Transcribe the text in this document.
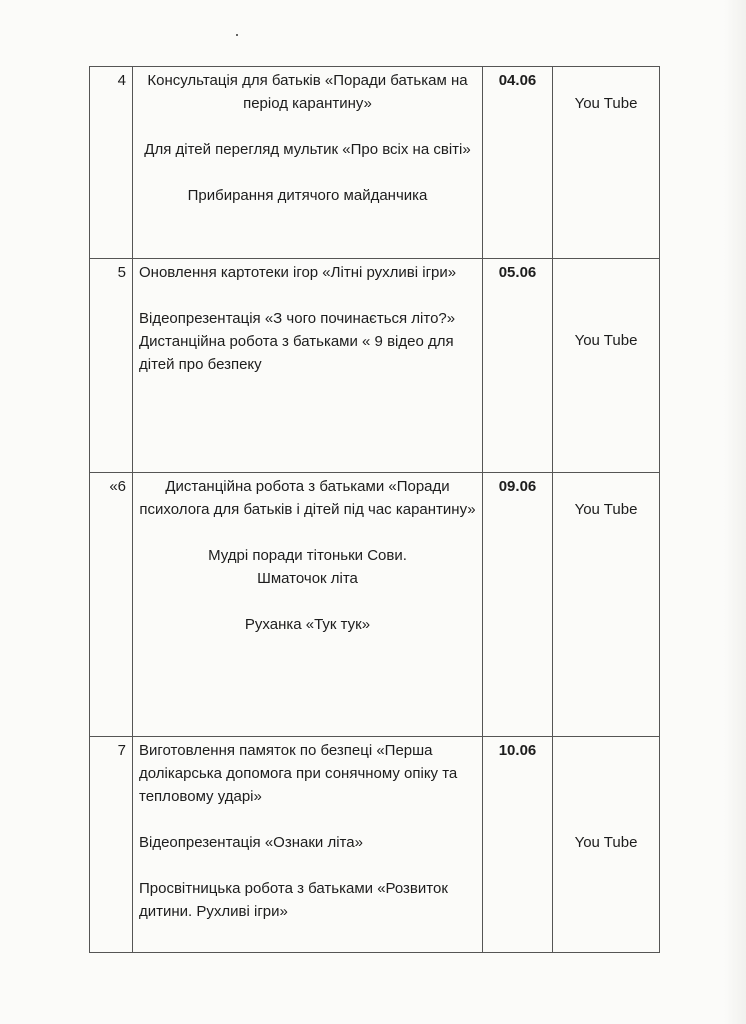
4	Консультація для батьків «Поради батькам на період карантину»

Для дітей перегляд мультик «Про всіх на світі»

Прибирання дитячого майданчика	04.06	You Tube

5	Оновлення картотеки ігор «Літні рухливі ігри»

Відеопрезентація «З чого починається літо?»

Дистанційна робота з батьками « 9 відео для дітей про безпеку	05.06	You Tube

«6	Дистанційна робота з батьками «Поради психолога для батьків і дітей під час карантину»

Мудрі поради тітоньки Сови. Шматочок літа

Руханка «Тук тук»	09.06	You Tube

7	Виготовлення памяток по безпеці «Перша долікарська допомога при сонячному опіку та тепловому ударі»

Відеопрезентація «Ознаки літа»

Просвітницька робота з батьками «Розвиток дитини. Рухливі ігри»	10.06	You Tube
